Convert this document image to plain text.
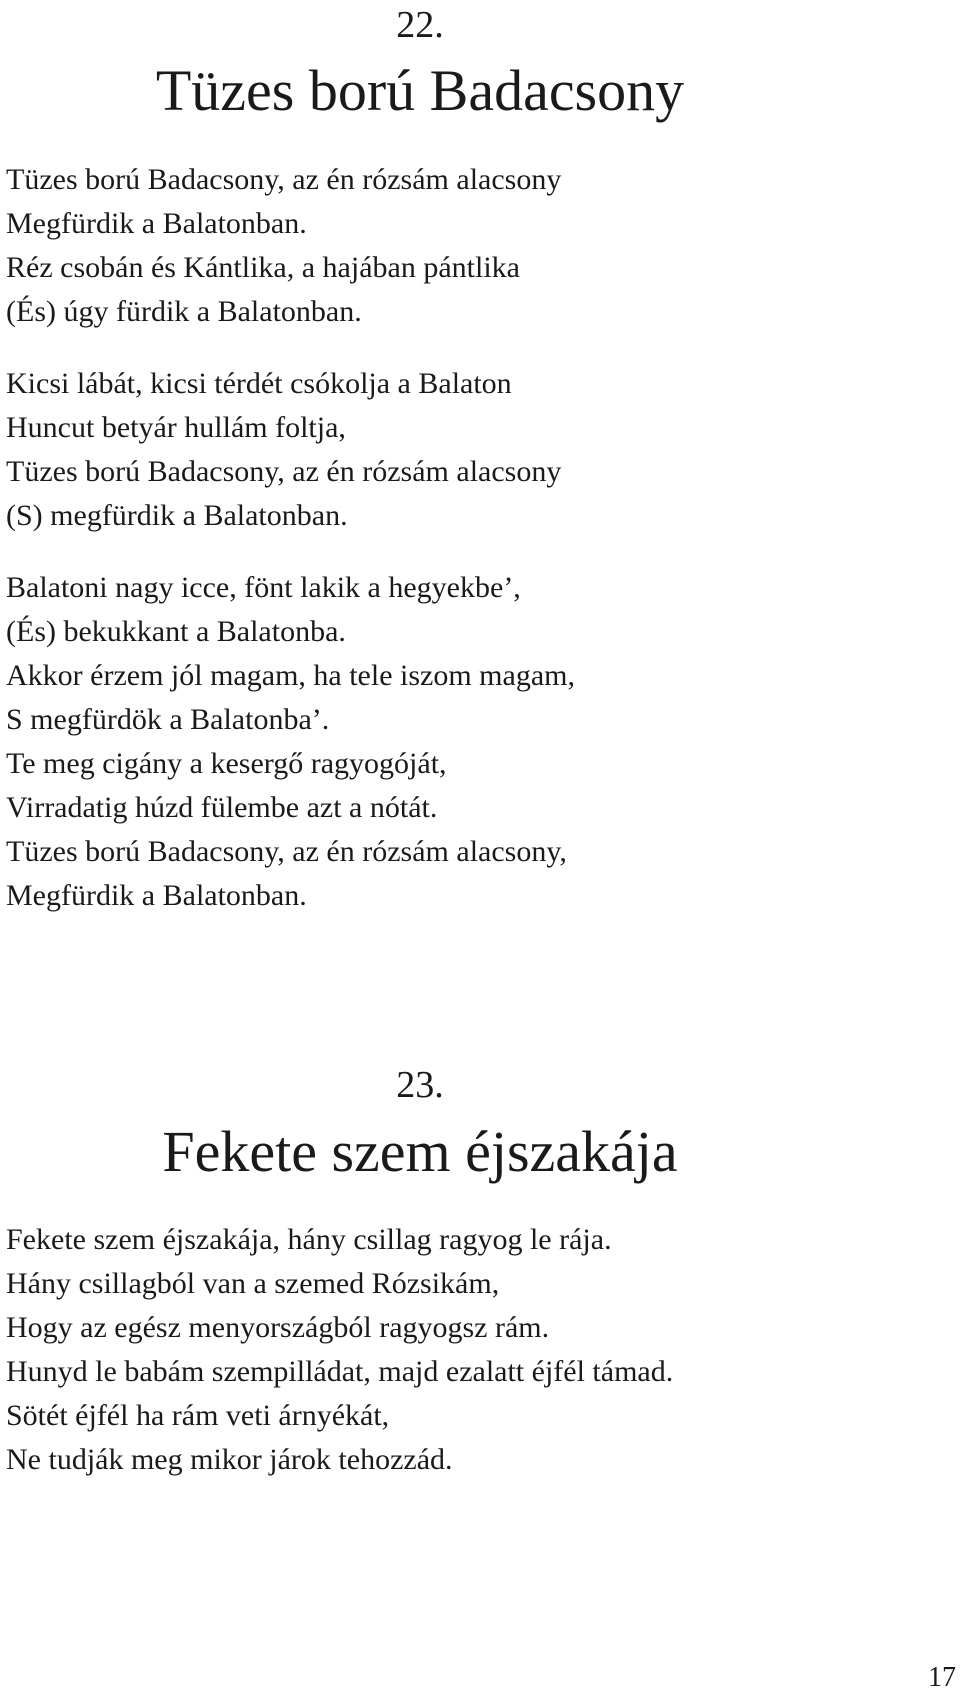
22.
Tüzes ború Badacsony
Tüzes ború Badacsony, az én rózsám alacsony
Megfürdik a Balatonban.
Réz csobán és Kántlika, a hajában pántlika
(És) úgy fürdik a Balatonban.
Kicsi lábát, kicsi térdét csókolja a Balaton
Huncut betyár hullám foltja,
Tüzes ború Badacsony, az én rózsám alacsony
(S) megfürdik a Balatonban.
Balatoni nagy icce, fönt lakik a hegyekbe’,
(És) bekukkant a Balatonba.
Akkor érzem jól magam, ha tele iszom magam,
S megfürdök a Balatonba’.
Te meg cigány a kesergő ragyogóját,
Virradatig húzd fülembe azt a nótát.
Tüzes ború Badacsony, az én rózsám alacsony,
Megfürdik a Balatonban.
23.
Fekete szem éjszakája
Fekete szem éjszakája, hány csillag ragyog le rája.
Hány csillagból van a szemed Rózsikám,
Hogy az egész menyországból ragyogsz rám.
Hunyd le babám szempilládat, majd ezalatt éjfél támad.
Sötét éjfél ha rám veti árnyékát,
Ne tudják meg mikor járok tehozzád.
17
